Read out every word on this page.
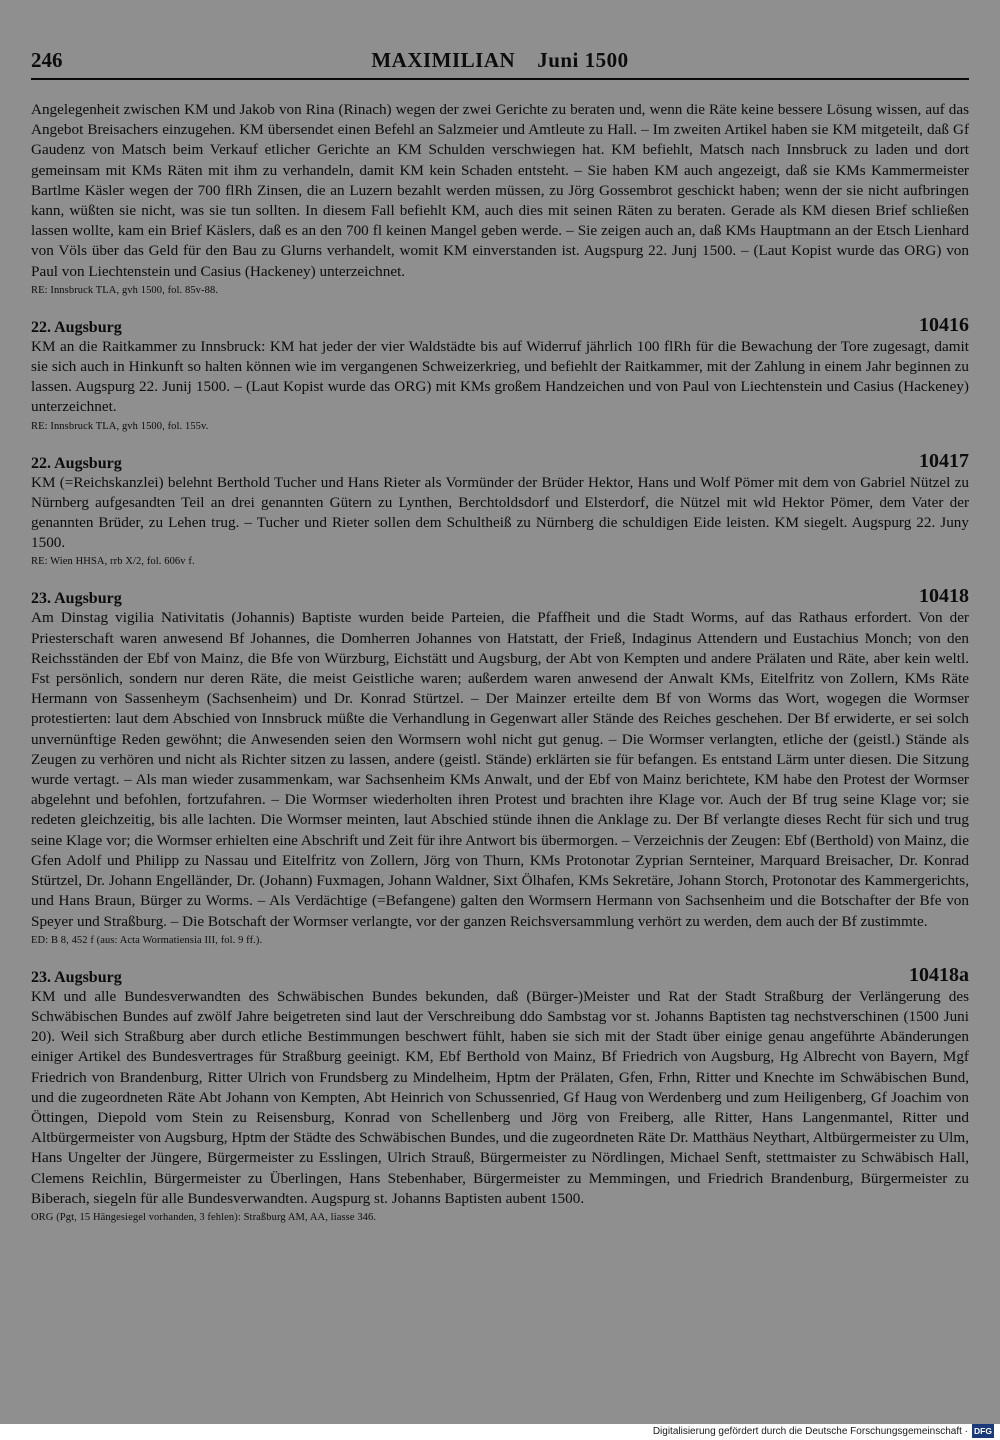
246	MAXIMILIAN Juni 1500

Angelegenheit zwischen KM und Jakob von Rina (Rinach) wegen der zwei Gerichte zu beraten und, wenn die Räte keine bessere Lösung wissen, auf das Angebot Breisachers einzugehen. KM übersendet einen Befehl an Salzmeier und Amtleute zu Hall. – Im zweiten Artikel haben sie KM mitgeteilt, daß Gf Gaudenz von Matsch beim Verkauf etlicher Gerichte an KM Schulden verschwiegen hat. KM befiehlt, Matsch nach Innsbruck zu laden und dort gemeinsam mit KMs Räten mit ihm zu verhandeln, damit KM kein Schaden entsteht. – Sie haben KM auch angezeigt, daß sie KMs Kammermeister Bartlme Käsler wegen der 700 flRh Zinsen, die an Luzern bezahlt werden müssen, zu Jörg Gossembrot geschickt haben; wenn der sie nicht aufbringen kann, wüßten sie nicht, was sie tun sollten. In diesem Fall befiehlt KM, auch dies mit seinen Räten zu beraten. Gerade als KM diesen Brief schließen lassen wollte, kam ein Brief Käslers, daß es an den 700 fl keinen Mangel geben werde. – Sie zeigen auch an, daß KMs Hauptmann an der Etsch Lienhard von Völs über das Geld für den Bau zu Glurns verhandelt, womit KM einverstanden ist. Augspurg 22. Junj 1500. – (Laut Kopist wurde das ORG) von Paul von Liechtenstein und Casius (Hackeney) unterzeichnet.

RE: Innsbruck TLA, gvh 1500, fol. 85v-88.

22. Augsburg	10416

KM an die Raitkammer zu Innsbruck: KM hat jeder der vier Waldstädte bis auf Widerruf jährlich 100 flRh für die Bewachung der Tore zugesagt, damit sie sich auch in Hinkunft so halten können wie im vergangenen Schweizerkrieg, und befiehlt der Raitkammer, mit der Zahlung in einem Jahr beginnen zu lassen. Augspurg 22. Junij 1500. – (Laut Kopist wurde das ORG) mit KMs großem Handzeichen und von Paul von Liechtenstein und Casius (Hackeney) unterzeichnet.

RE: Innsbruck TLA, gvh 1500, fol. 155v.

22. Augsburg	10417

KM (=Reichskanzlei) belehnt Berthold Tucher und Hans Rieter als Vormünder der Brüder Hektor, Hans und Wolf Pömer mit dem von Gabriel Nützel zu Nürnberg aufgesandten Teil an drei genannten Gütern zu Lynthen, Berchtoldsdorf und Elsterdorf, die Nützel mit wld Hektor Pömer, dem Vater der genannten Brüder, zu Lehen trug. – Tucher und Rieter sollen dem Schultheiß zu Nürnberg die schuldigen Eide leisten. KM siegelt. Augspurg 22. Juny 1500.

RE: Wien HHSA, rrb X/2, fol. 606v f.

23. Augsburg	10418

Am Dinstag vigilia Nativitatis (Johannis) Baptiste wurden beide Parteien, die Pfaffheit und die Stadt Worms, auf das Rathaus erfordert. Von der Priesterschaft waren anwesend Bf Johannes, die Domherren Johannes von Hatstatt, der Frieß, Indaginus Attendern und Eustachius Monch; von den Reichsständen der Ebf von Mainz, die Bfe von Würzburg, Eichstätt und Augsburg, der Abt von Kempten und andere Prälaten und Räte, aber kein weltl. Fst persönlich, sondern nur deren Räte, die meist Geistliche waren; außerdem waren anwesend der Anwalt KMs, Eitelfritz von Zollern, KMs Räte Hermann von Sassenheym (Sachsenheim) und Dr. Konrad Stürtzel. – Der Mainzer erteilte dem Bf von Worms das Wort, wogegen die Wormser protestierten: laut dem Abschied von Innsbruck müßte die Verhandlung in Gegenwart aller Stände des Reiches geschehen. Der Bf erwiderte, er sei solch unvernünftige Reden gewöhnt; die Anwesenden seien den Wormsern wohl nicht gut genug. – Die Wormser verlangten, etliche der (geistl.) Stände als Zeugen zu verhören und nicht als Richter sitzen zu lassen, andere (geistl. Stände) erklärten sie für befangen. Es entstand Lärm unter diesen. Die Sitzung wurde vertagt. – Als man wieder zusammenkam, war Sachsenheim KMs Anwalt, und der Ebf von Mainz berichtete, KM habe den Protest der Wormser abgelehnt und befohlen, fortzufahren. – Die Wormser wiederholten ihren Protest und brachten ihre Klage vor. Auch der Bf trug seine Klage vor; sie redeten gleichzeitig, bis alle lachten. Die Wormser meinten, laut Abschied stünde ihnen die Anklage zu. Der Bf verlangte dieses Recht für sich und trug seine Klage vor; die Wormser erhielten eine Abschrift und Zeit für ihre Antwort bis übermorgen. – Verzeichnis der Zeugen: Ebf (Berthold) von Mainz, die Gfen Adolf und Philipp zu Nassau und Eitelfritz von Zollern, Jörg von Thurn, KMs Protonotar Zyprian Sernteiner, Marquard Breisacher, Dr. Konrad Stürtzel, Dr. Johann Engelländer, Dr. (Johann) Fuxmagen, Johann Waldner, Sixt Ölhafen, KMs Sekretäre, Johann Storch, Protonotar des Kammergerichts, und Hans Braun, Bürger zu Worms. – Als Verdächtige (=Befangene) galten den Wormsern Hermann von Sachsenheim und die Botschafter der Bfe von Speyer und Straßburg. – Die Botschaft der Wormser verlangte, vor der ganzen Reichsversammlung verhört zu werden, dem auch der Bf zustimmte.

ED: B 8, 452 f (aus: Acta Wormatiensia III, fol. 9 ff.).

23. Augsburg	10418a

KM und alle Bundesverwandten des Schwäbischen Bundes bekunden, daß (Bürger-)Meister und Rat der Stadt Straßburg der Verlängerung des Schwäbischen Bundes auf zwölf Jahre beigetreten sind laut der Verschreibung ddo Sambstag vor st. Johanns Baptisten tag nechstverschinen (1500 Juni 20). Weil sich Straßburg aber durch etliche Bestimmungen beschwert fühlt, haben sie sich mit der Stadt über einige genau angeführte Abänderungen einiger Artikel des Bundesvertrages für Straßburg geeinigt. KM, Ebf Berthold von Mainz, Bf Friedrich von Augsburg, Hg Albrecht von Bayern, Mgf Friedrich von Brandenburg, Ritter Ulrich von Frundsberg zu Mindelheim, Hptm der Prälaten, Gfen, Frhn, Ritter und Knechte im Schwäbischen Bund, und die zugeordneten Räte Abt Johann von Kempten, Abt Heinrich von Schussenried, Gf Haug von Werdenberg und zum Heiligenberg, Gf Joachim von Öttingen, Diepold vom Stein zu Reisensburg, Konrad von Schellenberg und Jörg von Freiberg, alle Ritter, Hans Langenmantel, Ritter und Altbürgermeister von Augsburg, Hptm der Städte des Schwäbischen Bundes, und die zugeordneten Räte Dr. Matthäus Neythart, Altbürgermeister zu Ulm, Hans Ungelter der Jüngere, Bürgermeister zu Esslingen, Ulrich Strauß, Bürgermeister zu Nördlingen, Michael Senft, stettmaister zu Schwäbisch Hall, Clemens Reichlin, Bürgermeister zu Überlingen, Hans Stebenhaber, Bürgermeister zu Memmingen, und Friedrich Brandenburg, Bürgermeister zu Biberach, siegeln für alle Bundesverwandten. Augspurg st. Johanns Baptisten aubent 1500.

ORG (Pgt, 15 Hängesiegel vorhanden, 3 fehlen): Straßburg AM, AA, liasse 346.

Digitalisierung gefördert durch die Deutsche Forschungsgemeinschaft · DFG
